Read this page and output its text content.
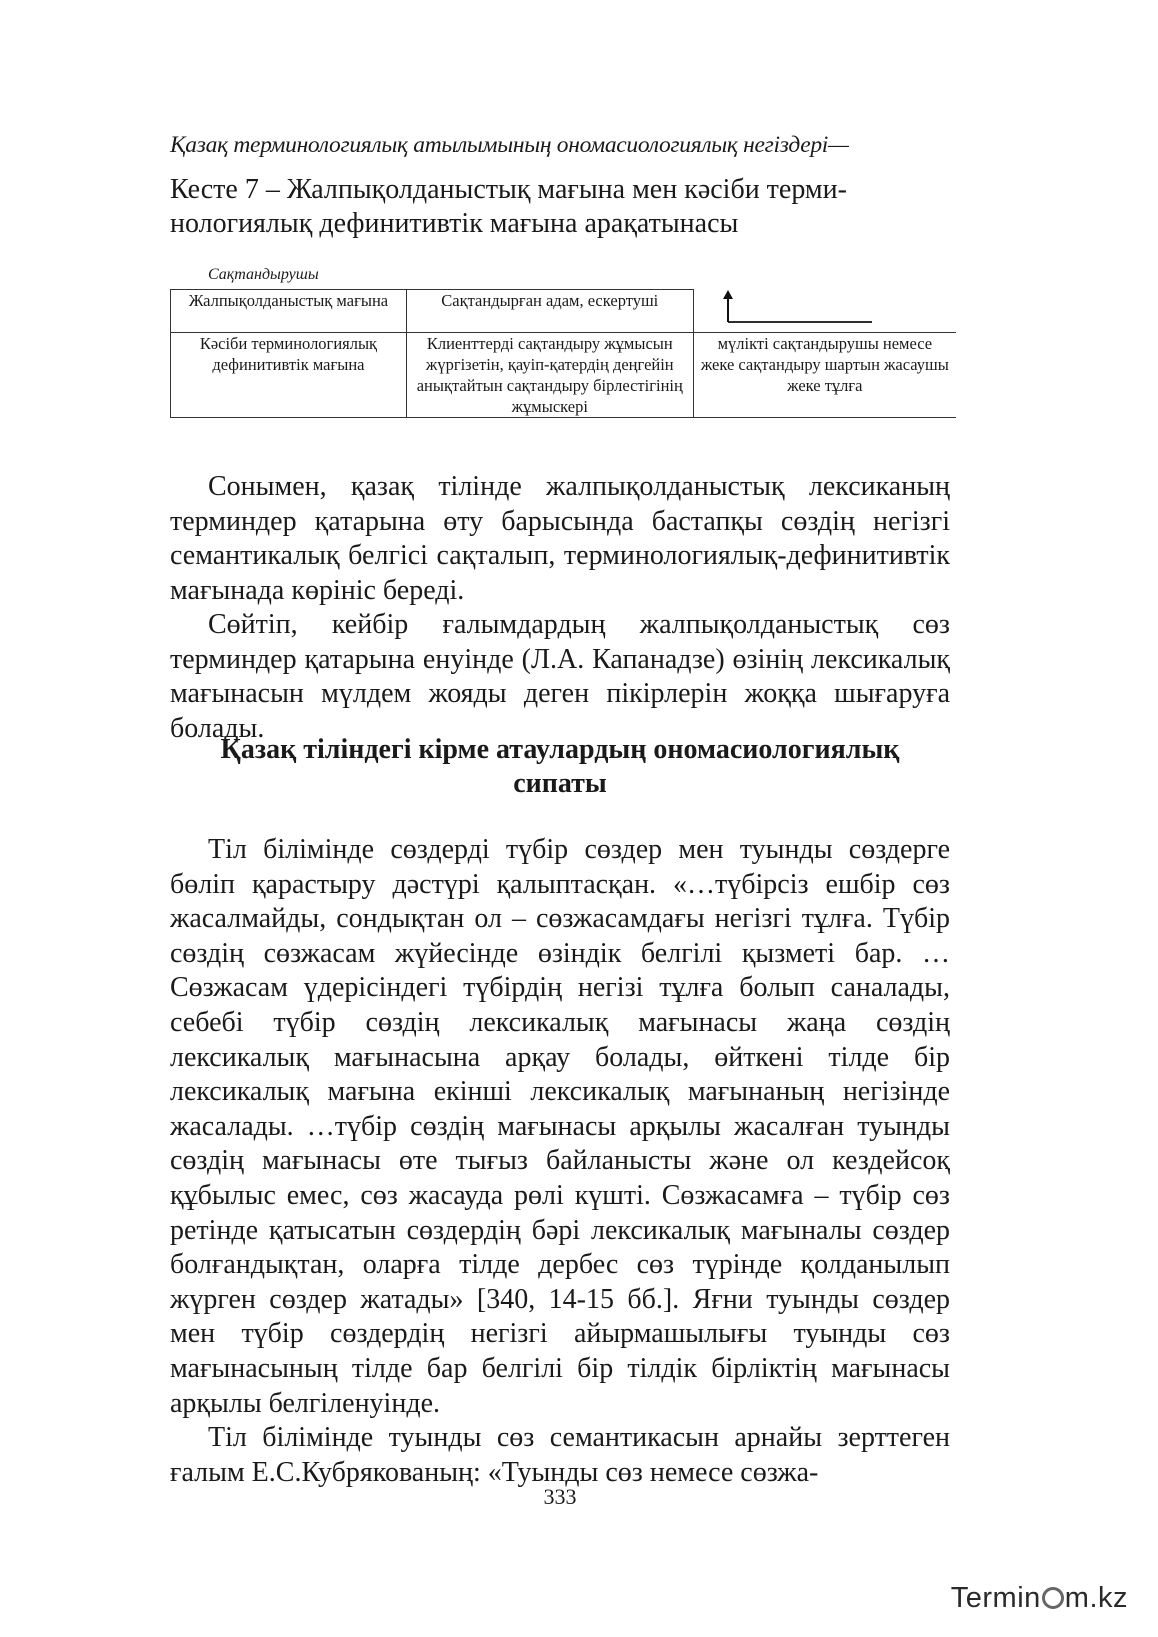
Қазақ терминологиялық атылымының ономасиологиялық негіздері—

Кесте 7 – Жалпықолданыстық мағына мен кәсіби терми-

нологиялық дефинитивтік мағына арақатынасы

Сақтандырушы
Жалпықолданыстық мағына	Сақтандырған адам, ескертуші	

Кәсіби терминологиялық дефинитивтік мағына	Клиенттерді сақтандыру жұмысын жүргізетін, қауіп-қатердің деңгейін анықтайтын сақтандыру бірлестігінің жұмыскері	мүлікті сақтандырушы немесе жеке сақтандыру шартын жасаушы жеке тұлға

Сонымен, қазақ тілінде жалпықолданыстық лексиканың терминдер қатарына өту барысында бастапқы сөздің негізгі семантикалық белгісі сақталып, терминологиялық-дефинитивтік мағынада көрініс береді.

Сөйтіп, кейбір ғалымдардың жалпықолданыстық сөз терминдер қатарына енуінде (Л.А. Капанадзе) өзінің лексикалық мағынасын мүлдем жояды деген пікірлерін жоққа шығаруға болады.

Қазақ тіліндегі кірме атаулардың ономасиологиялық
сипаты

Тіл білімінде сөздерді түбір сөздер мен туынды сөздерге бөліп қарастыру дәстүрі қалыптасқан. «…түбірсіз ешбір сөз жасалмайды, сондықтан ол – сөзжасамдағы негізгі тұлға. Түбір сөздің сөзжасам жүйесінде өзіндік белгілі қызметі бар. …Сөзжасам үдерісіндегі түбірдің негізі тұлға болып саналады, себебі түбір сөздің лексикалық мағынасы жаңа сөздің лексикалық мағынасына арқау болады, өйткені тілде бір лексикалық мағына екінші лексикалық мағынаның негізінде жасалады. …түбір сөздің мағынасы арқылы жасалған туынды сөздің мағынасы өте тығыз байланысты және ол кездейсоқ құбылыс емес, сөз жасауда рөлі күшті. Сөзжасамға – түбір сөз ретінде қатысатын сөздердің бәрі лексикалық мағыналы сөздер болғандықтан, оларға тілде дербес сөз түрінде қолданылып жүрген сөздер жатады» [340, 14-15 бб.]. Яғни туынды сөздер мен түбір сөздердің негізгі айырмашылығы туынды сөз мағынасының тілде бар белгілі бір тілдік бірліктің мағынасы арқылы белгіленуінде.

Тіл білімінде туынды сөз семантикасын арнайы зерттеген ғалым Е.С.Кубрякованың: «Туынды сөз немесе сөзжа-

333
Termin m.kz
